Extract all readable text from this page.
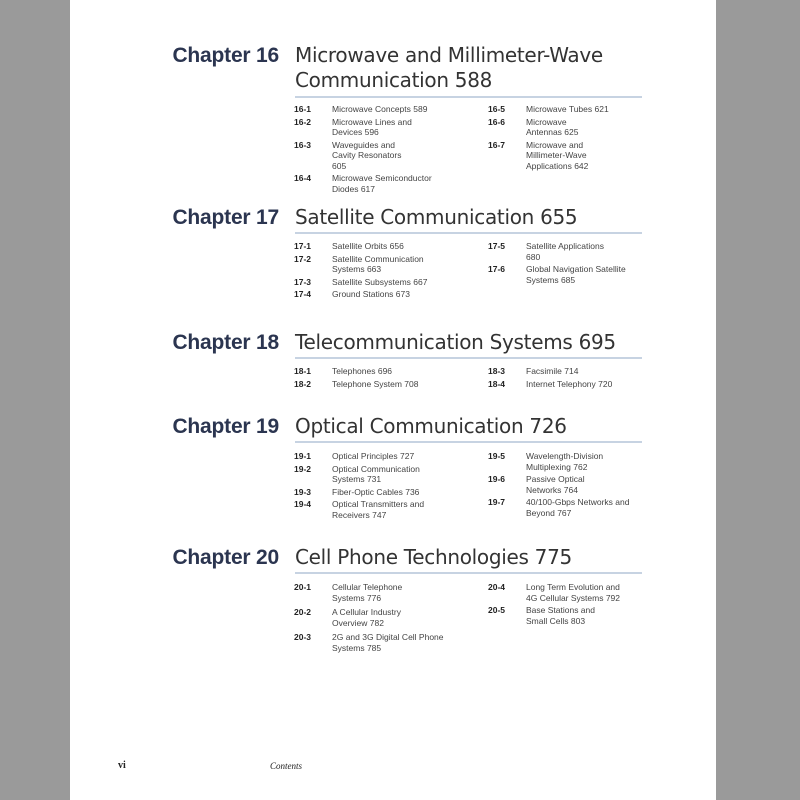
Chapter 16 Microwave and Millimeter-Wave Communication 588
16-1 Microwave Concepts 589
16-2 Microwave Lines and Devices 596
16-3 Waveguides and Cavity Resonators 605
16-4 Microwave Semiconductor Diodes 617
16-5 Microwave Tubes 621
16-6 Microwave Antennas 625
16-7 Microwave and Millimeter-Wave Applications 642
Chapter 17 Satellite Communication 655
17-1 Satellite Orbits 656
17-2 Satellite Communication Systems 663
17-3 Satellite Subsystems 667
17-4 Ground Stations 673
17-5 Satellite Applications 680
17-6 Global Navigation Satellite Systems 685
Chapter 18 Telecommunication Systems 695
18-1 Telephones 696
18-2 Telephone System 708
18-3 Facsimile 714
18-4 Internet Telephony 720
Chapter 19 Optical Communication 726
19-1 Optical Principles 727
19-2 Optical Communication Systems 731
19-3 Fiber-Optic Cables 736
19-4 Optical Transmitters and Receivers 747
19-5 Wavelength-Division Multiplexing 762
19-6 Passive Optical Networks 764
19-7 40/100-Gbps Networks and Beyond 767
Chapter 20 Cell Phone Technologies 775
20-1 Cellular Telephone Systems 776
20-2 A Cellular Industry Overview 782
20-3 2G and 3G Digital Cell Phone Systems 785
20-4 Long Term Evolution and 4G Cellular Systems 792
20-5 Base Stations and Small Cells 803
vi	Contents
